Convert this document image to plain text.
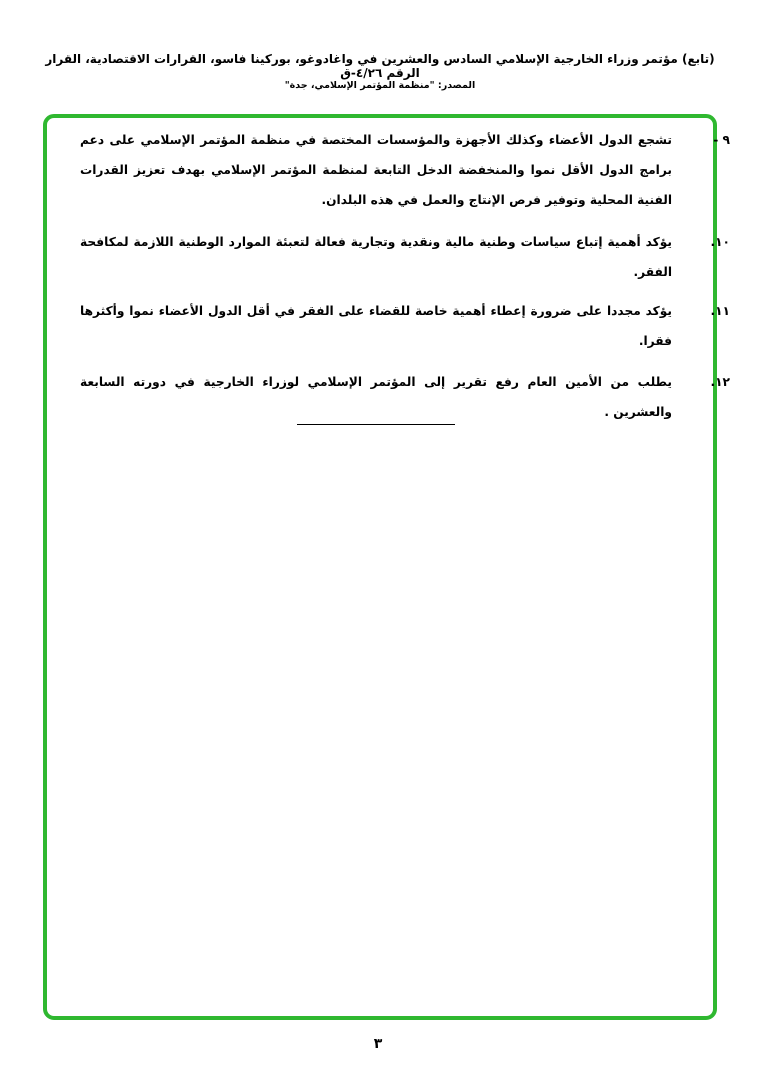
(تابع) مؤتمر وزراء الخارجية الإسلامي السادس والعشرين في واغادوغو، بوركينا فاسو، القرارات الاقتصادية، القرار الرقم ٤/٢٦-ق
المصدر: "منظمة المؤتمر الإسلامي، جدة"
٩ -
تشجع الدول الأعضاء وكذلك الأجهزة والمؤسسات المختصة في منظمة المؤتمر الإسلامي على دعم برامج الدول الأقل نموا والمنخفضة الدخل التابعة لمنظمة المؤتمر الإسلامي بهدف تعزيز القدرات الفنية المحلية وتوفير فرص الإنتاج والعمل في هذه البلدان.
١٠.
يؤكد أهمية إتباع سياسات وطنية مالية ونقدية وتجارية فعالة لتعبئة الموارد الوطنية اللازمة لمكافحة الفقر.
١١.
يؤكد مجددا على ضرورة إعطاء أهمية خاصة للقضاء على الفقر في أقل الدول الأعضاء نموا وأكثرها فقرا.
١٢.
يطلب من الأمين العام رفع تقرير إلى المؤتمر الإسلامي لوزراء الخارجية في دورته السابعة والعشرين .
٣
